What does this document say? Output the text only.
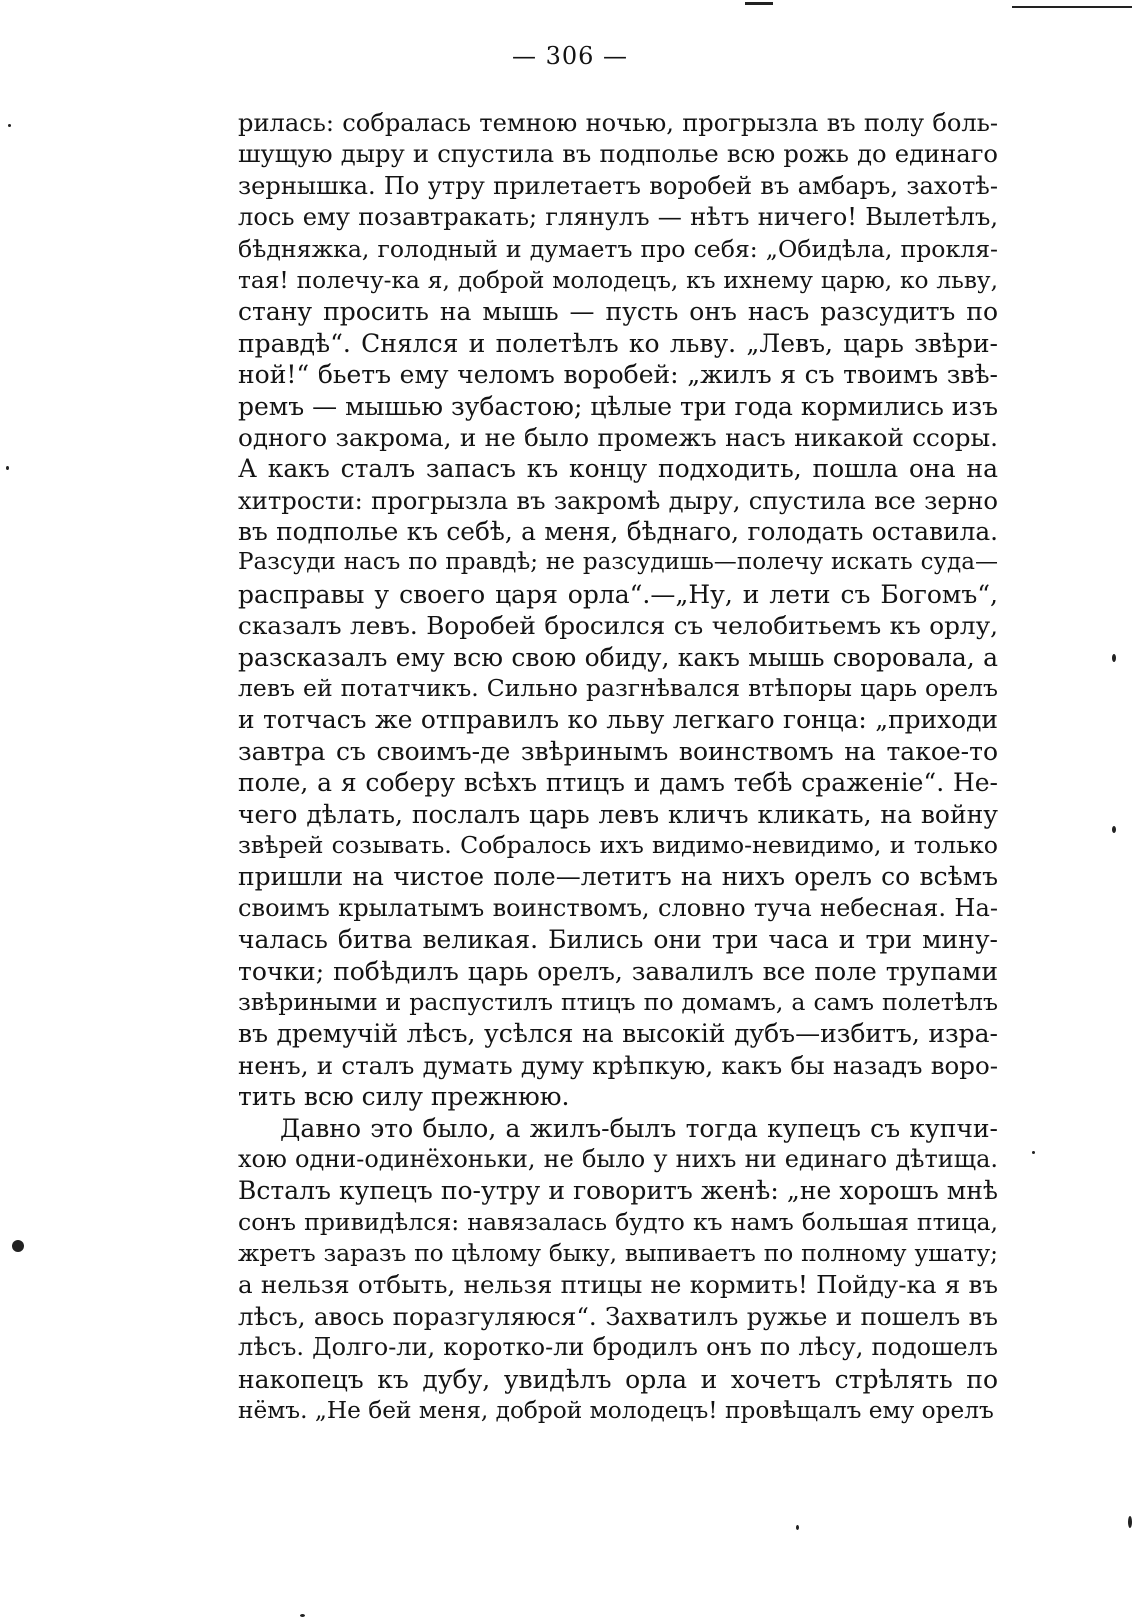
— 306 —
рилась: собралась темною ночью, прогрызла въ полу боль-
шущую дыру и спустила въ подполье всю рожь до единаго
зернышка. По утру прилетаетъ воробей въ амбаръ, захотѣ-
лось ему позавтракать; глянулъ — нѣтъ ничего! Вылетѣлъ,
бѣдняжка, голодный и думаетъ про себя: „Обидѣла, прокля-
тая! полечу-ка я, доброй молодецъ, къ ихнему царю, ко льву,
стану просить на мышь — пусть онъ насъ разсудитъ по
правдѣ“. Снялся и полетѣлъ ко льву. „Левъ, царь звѣри-
ной!“ бьетъ ему челомъ воробей: „жилъ я съ твоимъ звѣ-
ремъ — мышью зубастою; цѣлые три года кормились изъ
одного закрома, и не было промежъ насъ никакой ссоры.
А какъ сталъ запасъ къ концу подходить, пошла она на
хитрости: прогрызла въ закромѣ дыру, спустила все зерно
въ подполье къ себѣ, а меня, бѣднаго, голодать оставила.
Разсуди насъ по правдѣ; не разсудишь—полечу искать суда—
расправы у своего царя орла“.—„Ну, и лети съ Богомъ“,
сказалъ левъ. Воробей бросился съ челобитьемъ къ орлу,
разсказалъ ему всю свою обиду, какъ мышь своровала, а
левъ ей потатчикъ. Сильно разгнѣвался втѣпоры царь орелъ
и тотчасъ же отправилъ ко льву легкаго гонца: „приходи
завтра съ своимъ-де звѣринымъ воинствомъ на такое-то
поле, а я соберу всѣхъ птицъ и дамъ тебѣ сраженіе“. Не-
чего дѣлать, послалъ царь левъ кличъ кликать, на войну
звѣрей созывать. Собралось ихъ видимо-невидимо, и только
пришли на чистое поле—летитъ на нихъ орелъ со всѣмъ
своимъ крылатымъ воинствомъ, словно туча небесная. На-
чалась битва великая. Бились они три часа и три мину-
точки; побѣдилъ царь орелъ, завалилъ все поле трупами
звѣриными и распустилъ птицъ по домамъ, а самъ полетѣлъ
въ дремучій лѣсъ, усѣлся на высокій дубъ—избитъ, изра-
ненъ, и сталъ думать думу крѣпкую, какъ бы назадъ воро-
тить всю силу прежнюю.
Давно это было, а жилъ-былъ тогда купецъ съ купчи-
хою одни-одинёхоньки, не было у нихъ ни единаго дѣтища.
Всталъ купецъ по-утру и говоритъ женѣ: „не хорошъ мнѣ
сонъ привидѣлся: навязалась будто къ намъ большая птица,
жретъ заразъ по цѣлому быку, выпиваетъ по полному ушату;
а нельзя отбыть, нельзя птицы не кормить! Пойду-ка я въ
лѣсъ, авось поразгуляюся“. Захватилъ ружье и пошелъ въ
лѣсъ. Долго-ли, коротко-ли бродилъ онъ по лѣсу, подошелъ
накопецъ къ дубу, увидѣлъ орла и хочетъ стрѣлять по
нёмъ. „Не бей меня, доброй молодецъ! провѣщалъ ему орелъ
